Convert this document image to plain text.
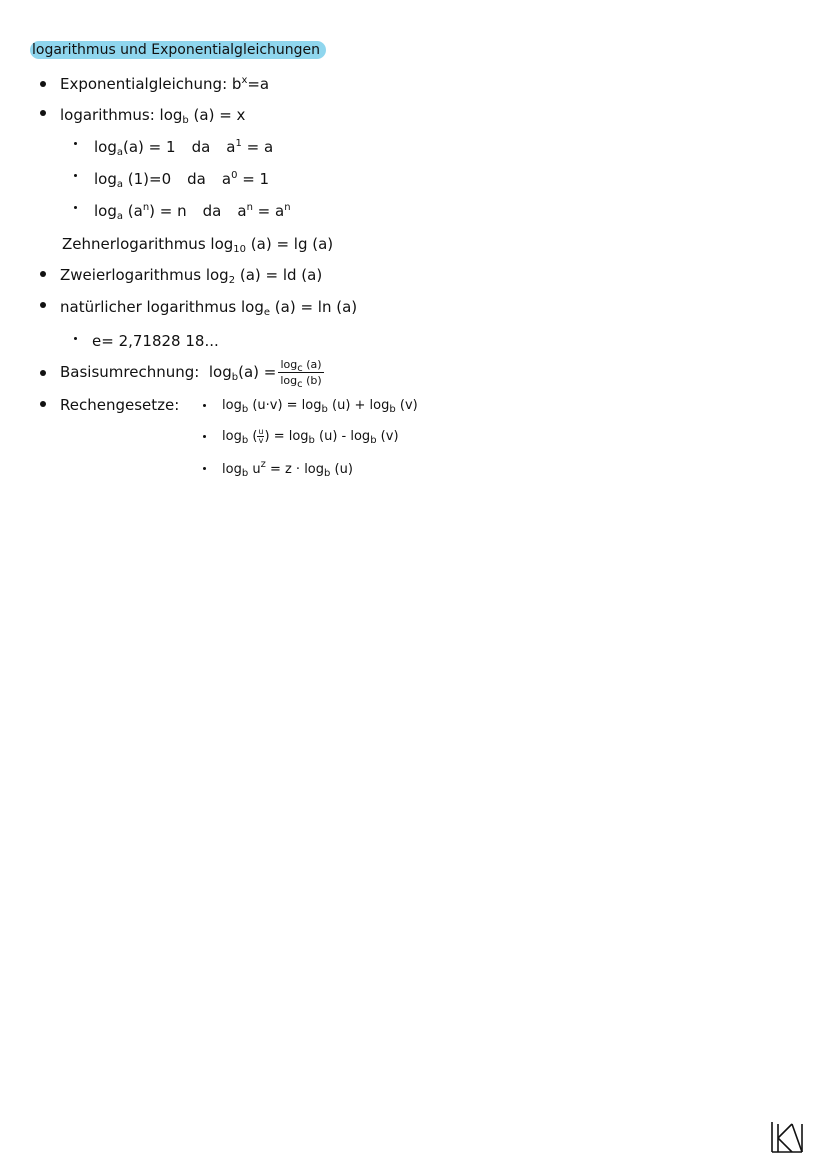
logarithmus und Exponentialgleichungen
Exponentialgleichung: $b^x=a$
logarithmus: $\log_b (a) = x$
$\log_a(a) = 1$ da $a^1 = a$
$\log_a (1)=0$ da $a^0 = 1$
$\log_a (a^n) = n$ da $a^n = a^n$
Zehnerlogarithmus $\log_{10} (a) = \lg (a)$
Zweierlogarithmus $\log_2 (a)$ = ld (a)
natürlicher logarithmus $\log_e (a) = \ln (a)$
e= 2,71828 18...
Basisumrechnung:  $\log_b(a) = \frac{\log_c (a)}{\log_c (b)}$
Rechengesetze:	$\log_b (u\cdot v) = \log_b (u) + \log_b (v)$
$\log_b$ ( $\frac{u}{v}$ ) = $\log_b (u) - \log_b (v)$
$\log_b u^z = z \cdot \log_b (u)$
